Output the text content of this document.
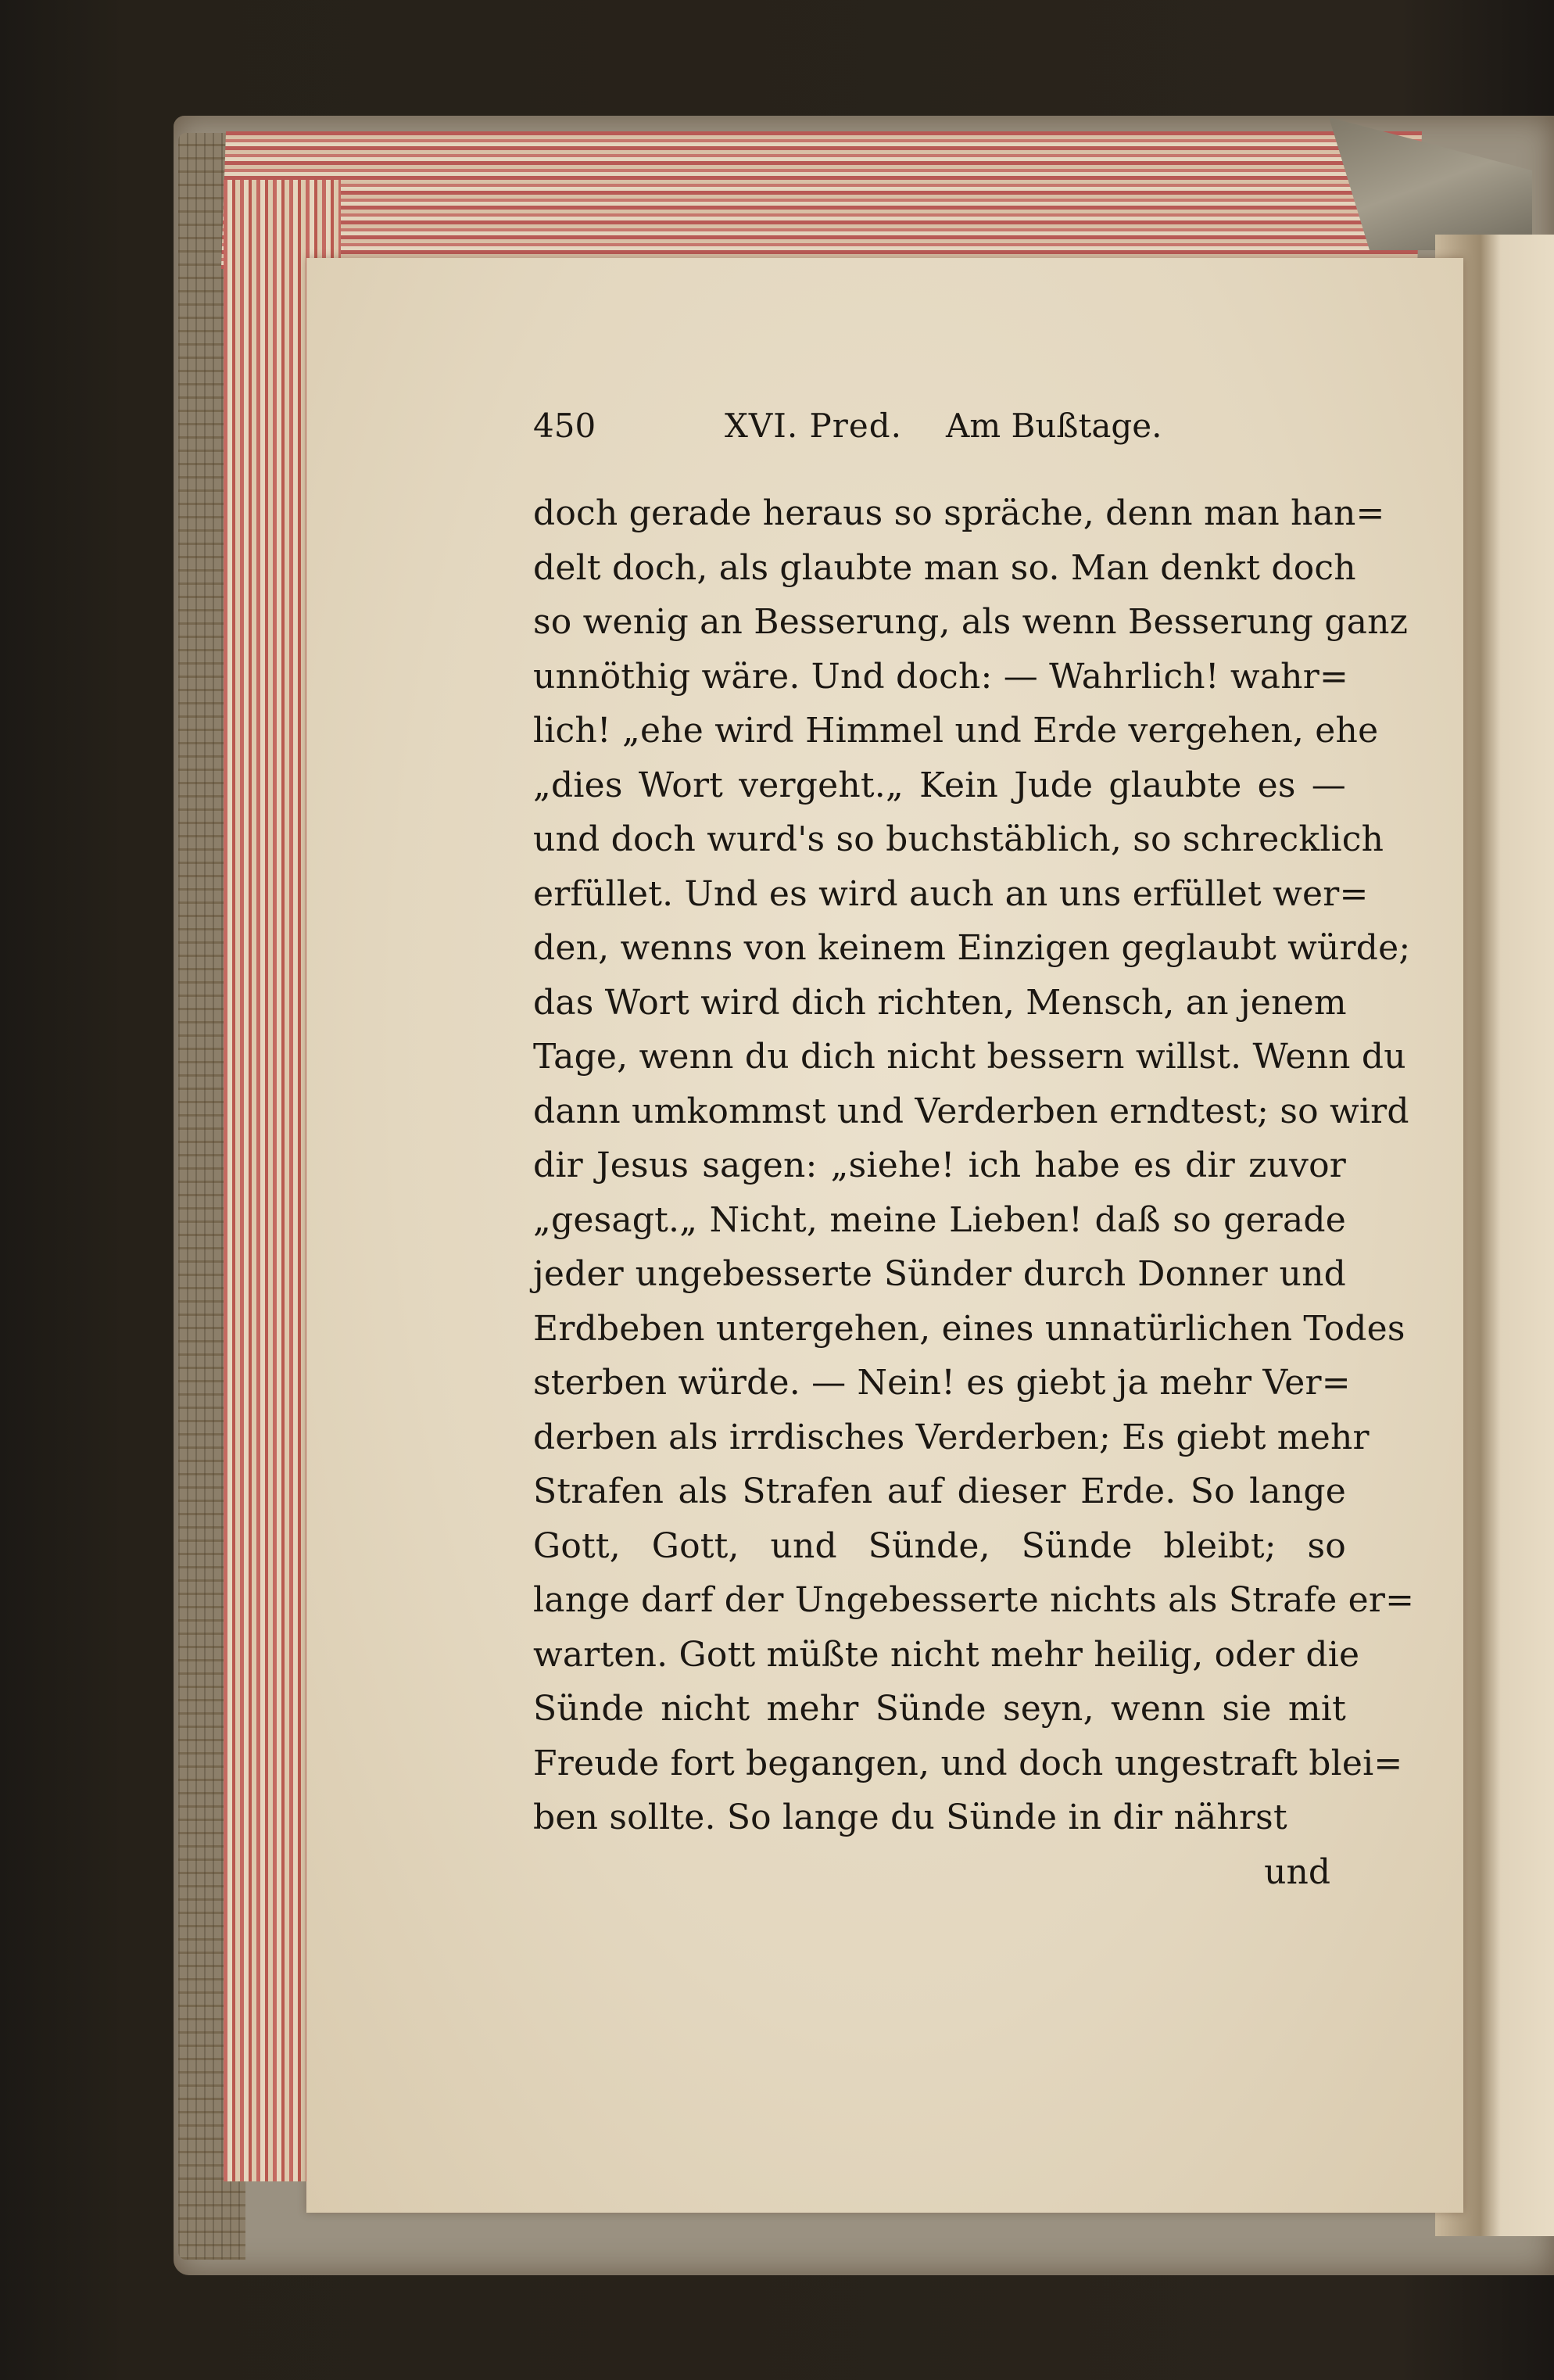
450	XVI. Pred. Am Bußtage.
doch gerade heraus so spräche, denn man han=
delt doch, als glaubte man so. Man denkt doch
so wenig an Besserung, als wenn Besserung ganz
unnöthig wäre. Und doch: — Wahrlich! wahr=
lich! „ehe wird Himmel und Erde vergehen, ehe
„dies Wort vergeht.„ Kein Jude glaubte es —
und doch wurd's so buchstäblich, so schrecklich
erfüllet. Und es wird auch an uns erfüllet wer=
den, wenns von keinem Einzigen geglaubt würde;
das Wort wird dich richten, Mensch, an jenem
Tage, wenn du dich nicht bessern willst. Wenn du
dann umkommst und Verderben erndtest; so wird
dir Jesus sagen: „siehe! ich habe es dir zuvor
„gesagt.„ Nicht, meine Lieben! daß so gerade
jeder ungebesserte Sünder durch Donner und
Erdbeben untergehen, eines unnatürlichen Todes
sterben würde. — Nein! es giebt ja mehr Ver=
derben als irrdisches Verderben; Es giebt mehr
Strafen als Strafen auf dieser Erde. So lange
Gott, Gott, und Sünde, Sünde bleibt; so
lange darf der Ungebesserte nichts als Strafe er=
warten. Gott müßte nicht mehr heilig, oder die
Sünde nicht mehr Sünde seyn, wenn sie mit
Freude fort begangen, und doch ungestraft blei=
ben sollte. So lange du Sünde in dir nährst
und
